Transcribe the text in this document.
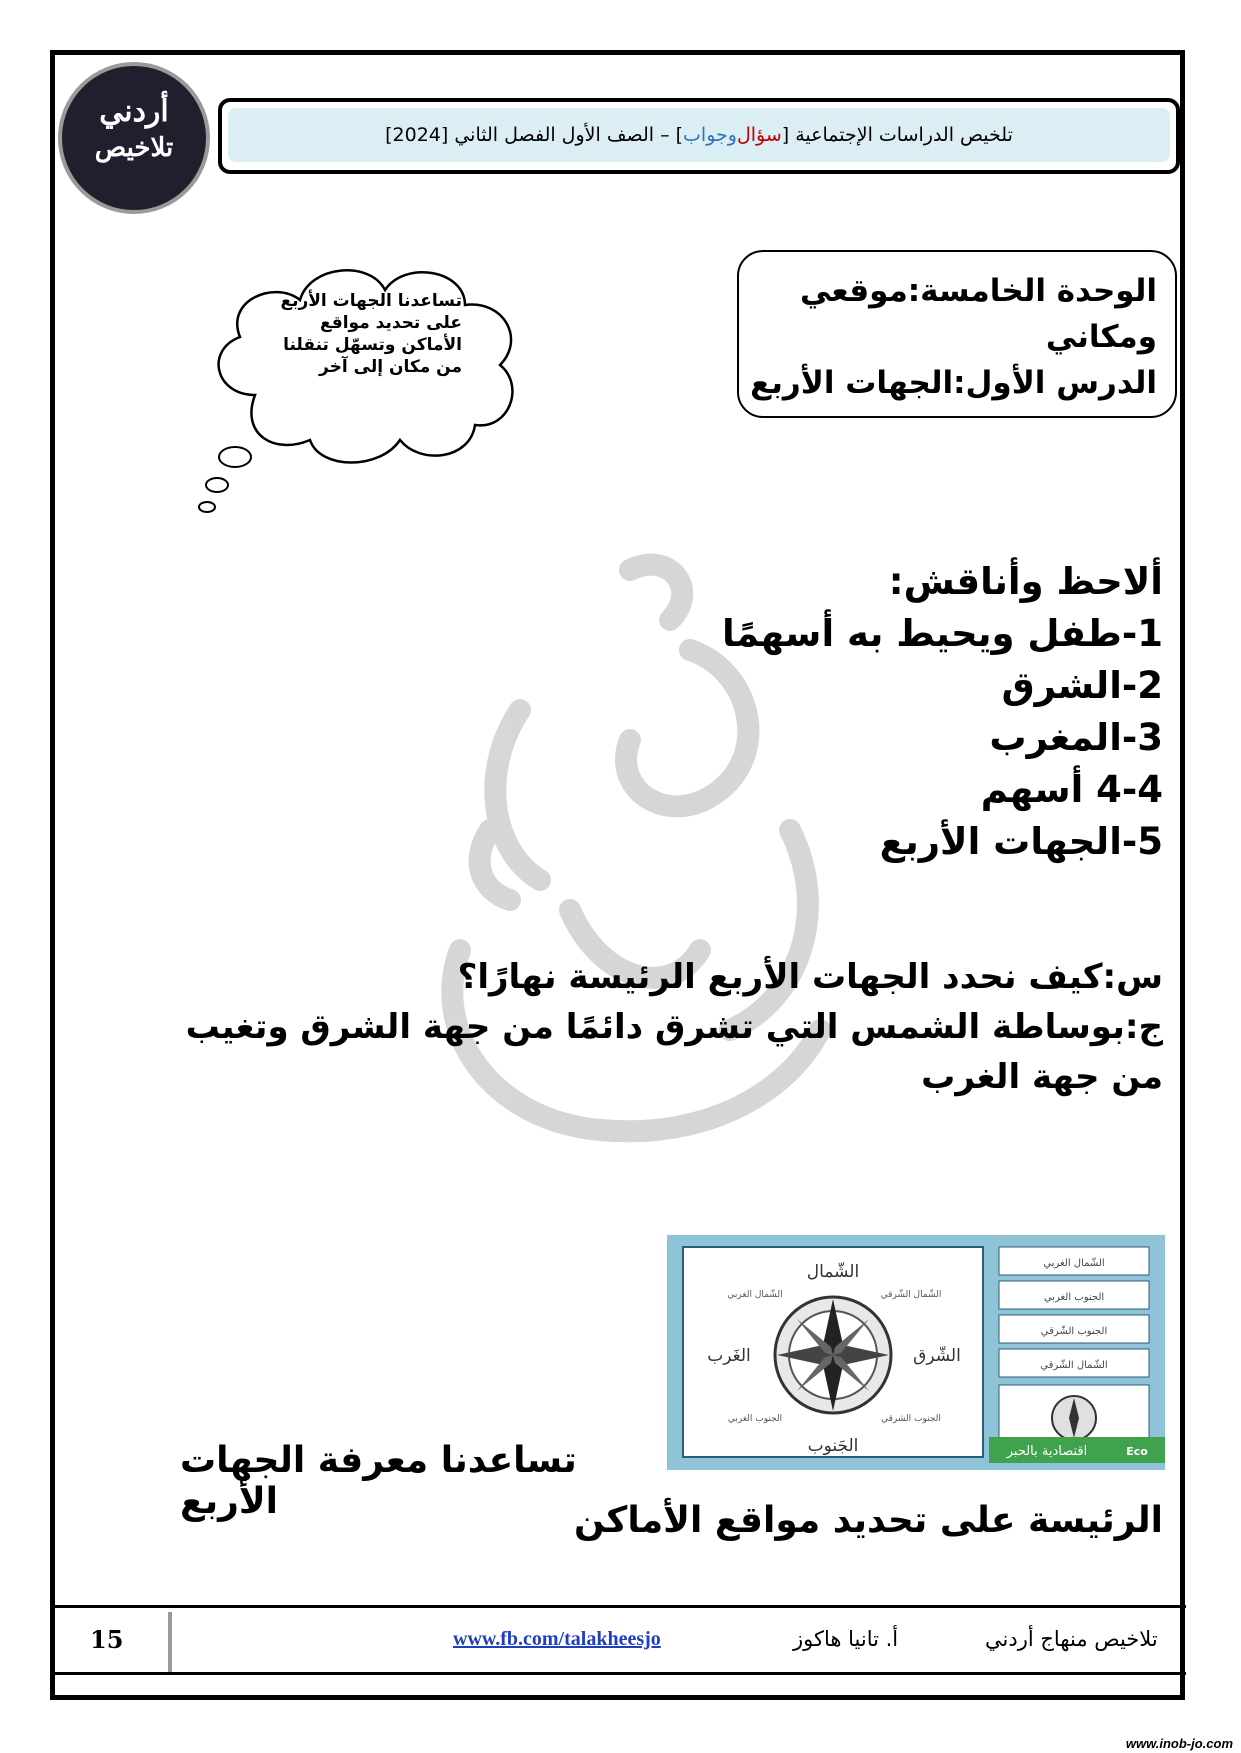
أردني
تلاخيص	تلخيص الدراسات الإجتماعية [
سؤال
و
جواب
] – الصف الأول الفصل الثاني [2024]
الوحدة الخامسة:موقعي ومكاني
الدرس الأول:الجهات الأربع
تساعدنا الجهات الأربع على تحديد مواقع الأماكن وتسهّل تنقلنا من مكان إلى آخر
ألاحظ وأناقش:
1-طفل ويحيط به أسهمًا
2-الشرق
3-المغرب
4-4 أسهم
5-الجهات الأربع
س:كيف نحدد الجهات الأربع الرئيسة نهارًا؟
ج:بوساطة الشمس التي تشرق دائمًا من جهة الشرق وتغيب من جهة الغرب
الشّمال
الجَنوب
الشّرق
الغَرب
الشّمال الغربي	الشّمال الشّرقي
الجنوب الغربي	الجنوب الشرقي
الشّمال الغربي
الجنوب الغربي
الجنوب الشّرقي
الشّمال الشّرقي
اقتصادية بالحبر	Eco
تساعدنا معرفة الجهات الأربع	الرئيسة على تحديد مواقع الأماكن
15	www.fb.com/talakheesjo	أ. تانيا هاكوز	تلاخيص منهاج أردني
www.inob-jo.com
